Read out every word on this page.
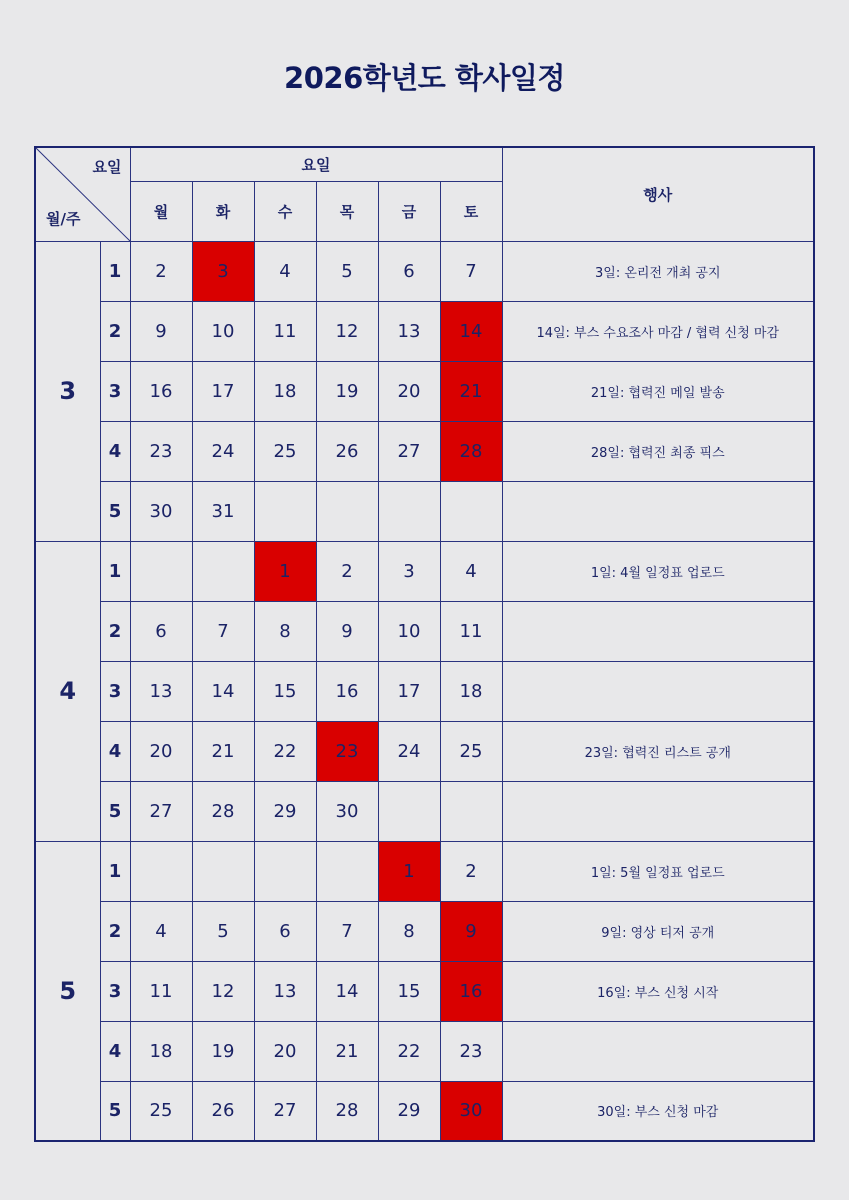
2026학년도 학사일정
요일
월/주		요일						행사
		월	화	수	목	금	토	
3	1	2	3	4	5	6	7	3일: 온리전 개최 공지
	2	9	10	11	12	13	14	14일: 부스 수요조사 마감 / 협력 신청 마감
	3	16	17	18	19	20	21	21일: 협력진 메일 발송
	4	23	24	25	26	27	28	28일: 협력진 최종 픽스
	5	30	31					
4	1			1	2	3	4	1일: 4월 일정표 업로드
	2	6	7	8	9	10	11	
	3	13	14	15	16	17	18	
	4	20	21	22	23	24	25	23일: 협력진 리스트 공개
	5	27	28	29	30			
5	1					1	2	1일: 5월 일정표 업로드
	2	4	5	6	7	8	9	9일: 영상 티저 공개
	3	11	12	13	14	15	16	16일: 부스 신청 시작
	4	18	19	20	21	22	23	
	5	25	26	27	28	29	30	30일: 부스 신청 마감
